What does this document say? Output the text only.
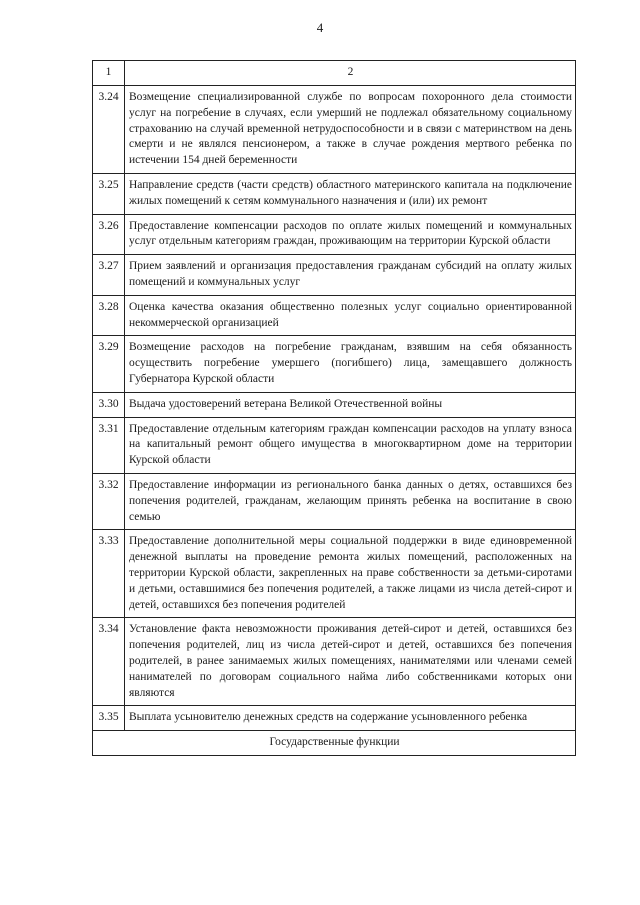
4
1	2
3.24	Возмещение специализированной службе по вопросам похоронного дела стоимости услуг на погребение в случаях, если умерший не подлежал обязательному социальному страхованию на случай временной нетрудоспособности и в связи с материнством на день смерти и не являлся пенсионером, а также в случае рождения мертвого ребенка по истечении 154 дней беременности
3.25	Направление средств (части средств) областного материнского капитала на подключение жилых помещений к сетям коммунального назначения и (или) их ремонт
3.26	Предоставление компенсации расходов по оплате жилых помещений и коммунальных услуг отдельным категориям граждан, проживающим на территории Курской области
3.27	Прием заявлений и организация предоставления гражданам субсидий на оплату жилых помещений и коммунальных услуг
3.28	Оценка качества оказания общественно полезных услуг социально ориентированной некоммерческой организацией
3.29	Возмещение расходов на погребение гражданам, взявшим на себя обязанность осуществить погребение умершего (погибшего) лица, замещавшего должность Губернатора Курской области
3.30	Выдача удостоверений ветерана Великой Отечественной войны
3.31	Предоставление отдельным категориям граждан компенсации расходов на уплату взноса на капитальный ремонт общего имущества в многоквартирном доме на территории Курской области
3.32	Предоставление информации из регионального банка данных о детях, оставшихся без попечения родителей, гражданам, желающим принять ребенка на воспитание в свою семью
3.33	Предоставление дополнительной меры социальной поддержки в виде единовременной денежной выплаты на проведение ремонта жилых помещений, расположенных на территории Курской области, закрепленных на праве собственности за детьми-сиротами и детьми, оставшимися без попечения родителей, а также лицами из числа детей-сирот и детей, оставшихся без попечения родителей
3.34	Установление факта невозможности проживания детей-сирот и детей, оставшихся без попечения родителей, лиц из числа детей-сирот и детей, оставшихся без попечения родителей, в ранее занимаемых жилых помещениях, нанимателями или членами семей нанимателей по договорам социального найма либо собственниками которых они являются
3.35	Выплата усыновителю денежных средств на содержание усыновленного ребенка
Государственные функции	
